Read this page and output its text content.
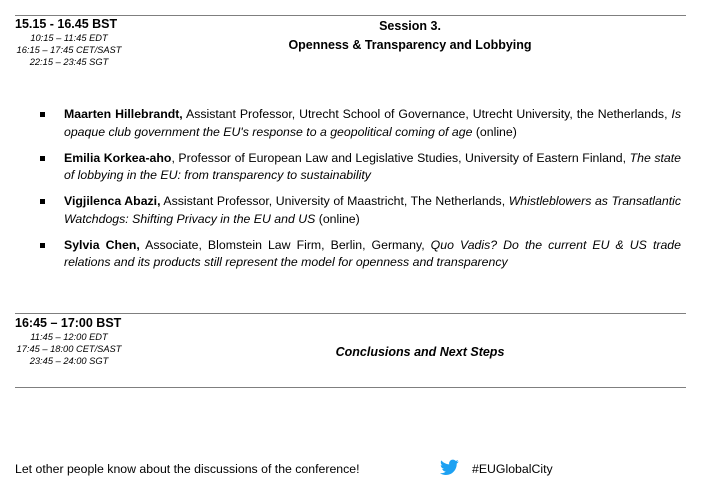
15.15 - 16.45 BST
10:15 – 11:45 EDT
16:15 – 17:45 CET/SAST
22:15 – 23:45 SGT
Session 3.
Openness & Transparency and Lobbying
Maarten Hillebrandt, Assistant Professor, Utrecht School of Governance, Utrecht University, the Netherlands, Is opaque club government the EU's response to a geopolitical coming of age (online)
Emilia Korkea-aho, Professor of European Law and Legislative Studies, University of Eastern Finland, The state of lobbying in the EU: from transparency to sustainability
Vigjilenca Abazi, Assistant Professor, University of Maastricht, The Netherlands, Whistleblowers as Transatlantic Watchdogs: Shifting Privacy in the EU and US (online)
Sylvia Chen, Associate, Blomstein Law Firm, Berlin, Germany, Quo Vadis? Do the current EU & US trade relations and its products still represent the model for openness and transparency
16:45 – 17:00 BST
11:45 – 12:00 EDT
17:45 – 18:00 CET/SAST
23:45 – 24:00 SGT
Conclusions and Next Steps
Let other people know about the discussions of the conference!	#EUGlobalCity
